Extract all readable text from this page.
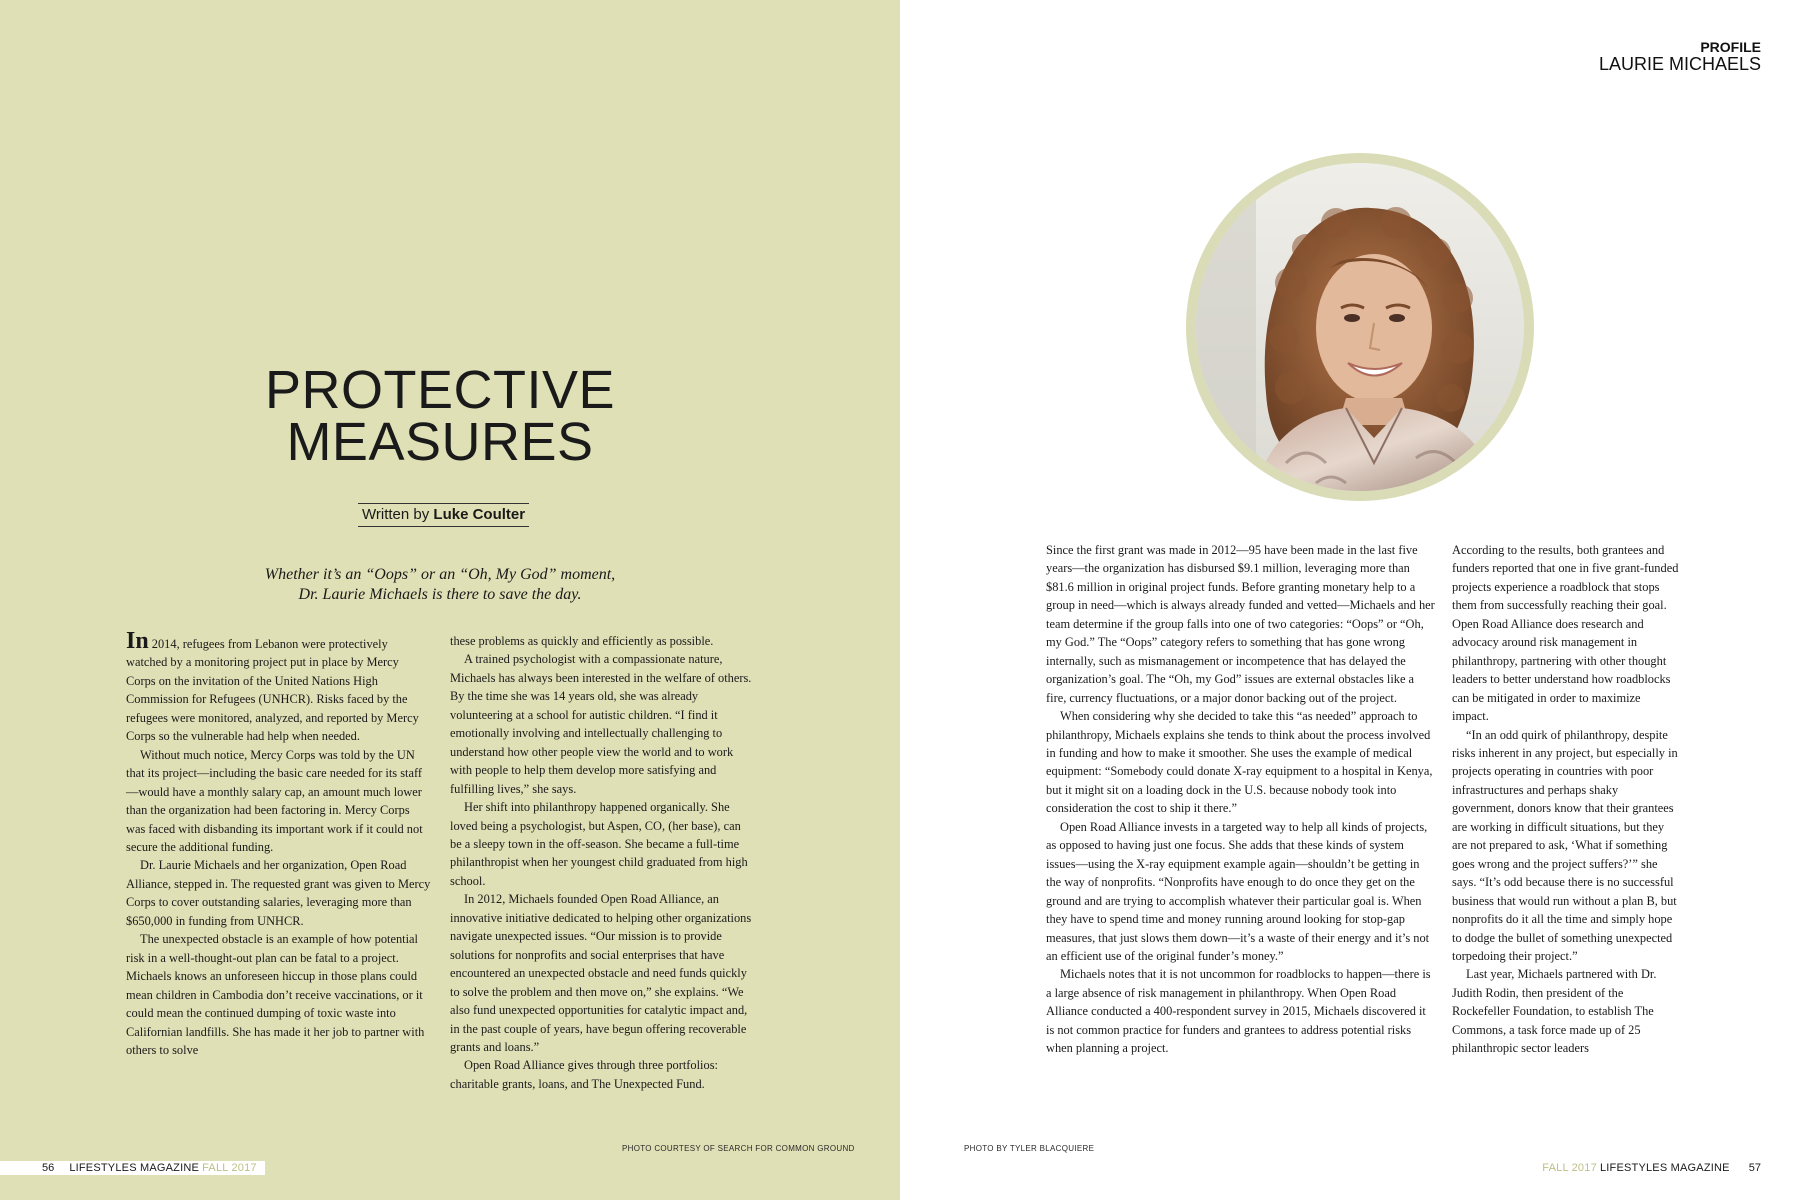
PROTECTIVE
MEASURES
Written by Luke Coulter
Whether it’s an “Oops” or an “Oh, My God” moment,
Dr. Laurie Michaels is there to save the day.

In 2014, refugees from Lebanon were protectively watched by a monitoring project put in place by Mercy Corps on the invitation of the United Nations High Commission for Refugees (UNHCR). Risks faced by the refugees were monitored, analyzed, and reported by Mercy Corps so the vulnerable had help when needed.

Without much notice, Mercy Corps was told by the UN that its project—including the basic care needed for its staff—would have a monthly salary cap, an amount much lower than the organization had been factoring in. Mercy Corps was faced with disbanding its important work if it could not secure the additional funding.

Dr. Laurie Michaels and her organization, Open Road Alliance, stepped in. The requested grant was given to Mercy Corps to cover outstanding salaries, leveraging more than $650,000 in funding from UNHCR.

The unexpected obstacle is an example of how potential risk in a well-thought-out plan can be fatal to a project. Michaels knows an unforeseen hiccup in those plans could mean children in Cambodia don’t receive vaccinations, or it could mean the continued dumping of toxic waste into Californian landfills. She has made it her job to partner with others to solve

these problems as quickly and efficiently as possible.

A trained psychologist with a compassionate nature, Michaels has always been interested in the welfare of others. By the time she was 14 years old, she was already volunteering at a school for autistic children. “I find it emotionally involving and intellectually challenging to understand how other people view the world and to work with people to help them develop more satisfying and fulfilling lives,” she says.

Her shift into philanthropy happened organically. She loved being a psychologist, but Aspen, CO, (her base), can be a sleepy town in the off-season. She became a full-time philanthropist when her youngest child graduated from high school.

In 2012, Michaels founded Open Road Alliance, an innovative initiative dedicated to helping other organizations navigate unexpected issues. “Our mission is to provide solutions for nonprofits and social enterprises that have encountered an unexpected obstacle and need funds quickly to solve the problem and then move on,” she explains. “We also fund unexpected opportunities for catalytic impact and, in the past couple of years, have begun offering recoverable grants and loans.”

Open Road Alliance gives through three portfolios: charitable grants, loans, and The Unexpected Fund.

PHOTO COURTESY OF SEARCH FOR COMMON GROUND
56 LIFESTYLES MAGAZINE FALL 2017
PHOTO BY TYLER BLACQUIERE
FALL 2017 LIFESTYLES MAGAZINE 57
PROFILE
LAURIE MICHAELS

Since the first grant was made in 2012—95 have been made in the last five years—the organization has disbursed $9.1 million, leveraging more than $81.6 million in original project funds. Before granting monetary help to a group in need—which is always already funded and vetted—Michaels and her team determine if the group falls into one of two categories: “Oops” or “Oh, my God.” The “Oops” category refers to something that has gone wrong internally, such as mismanagement or incompetence that has delayed the organization’s goal. The “Oh, my God” issues are external obstacles like a fire, currency fluctuations, or a major donor backing out of the project.

When considering why she decided to take this “as needed” approach to philanthropy, Michaels explains she tends to think about the process involved in funding and how to make it smoother. She uses the example of medical equipment: “Somebody could donate X-ray equipment to a hospital in Kenya, but it might sit on a loading dock in the U.S. because nobody took into consideration the cost to ship it there.”

Open Road Alliance invests in a targeted way to help all kinds of projects, as opposed to having just one focus. She adds that these kinds of system issues—using the X-ray equipment example again—shouldn’t be getting in the way of nonprofits. “Nonprofits have enough to do once they get on the ground and are trying to accomplish whatever their particular goal is. When they have to spend time and money running around looking for stop-gap measures, that just slows them down—it’s a waste of their energy and it’s not an efficient use of the original funder’s money.”

Michaels notes that it is not uncommon for roadblocks to happen—there is a large absence of risk management in philanthropy. When Open Road Alliance conducted a 400-respondent survey in 2015, Michaels discovered it is not common practice for funders and grantees to address potential risks when planning a project.

According to the results, both grantees and funders reported that one in five grant-funded projects experience a roadblock that stops them from successfully reaching their goal. Open Road Alliance does research and advocacy around risk management in philanthropy, partnering with other thought leaders to better understand how roadblocks can be mitigated in order to maximize impact.

“In an odd quirk of philanthropy, despite risks inherent in any project, but especially in projects operating in countries with poor infrastructures and perhaps shaky government, donors know that their grantees are working in difficult situations, but they are not prepared to ask, ‘What if something goes wrong and the project suffers?’” she says. “It’s odd because there is no successful business that would run without a plan B, but nonprofits do it all the time and simply hope to dodge the bullet of something unexpected torpedoing their project.”

Last year, Michaels partnered with Dr. Judith Rodin, then president of the Rockefeller Foundation, to establish The Commons, a task force made up of 25 philanthropic sector leaders
